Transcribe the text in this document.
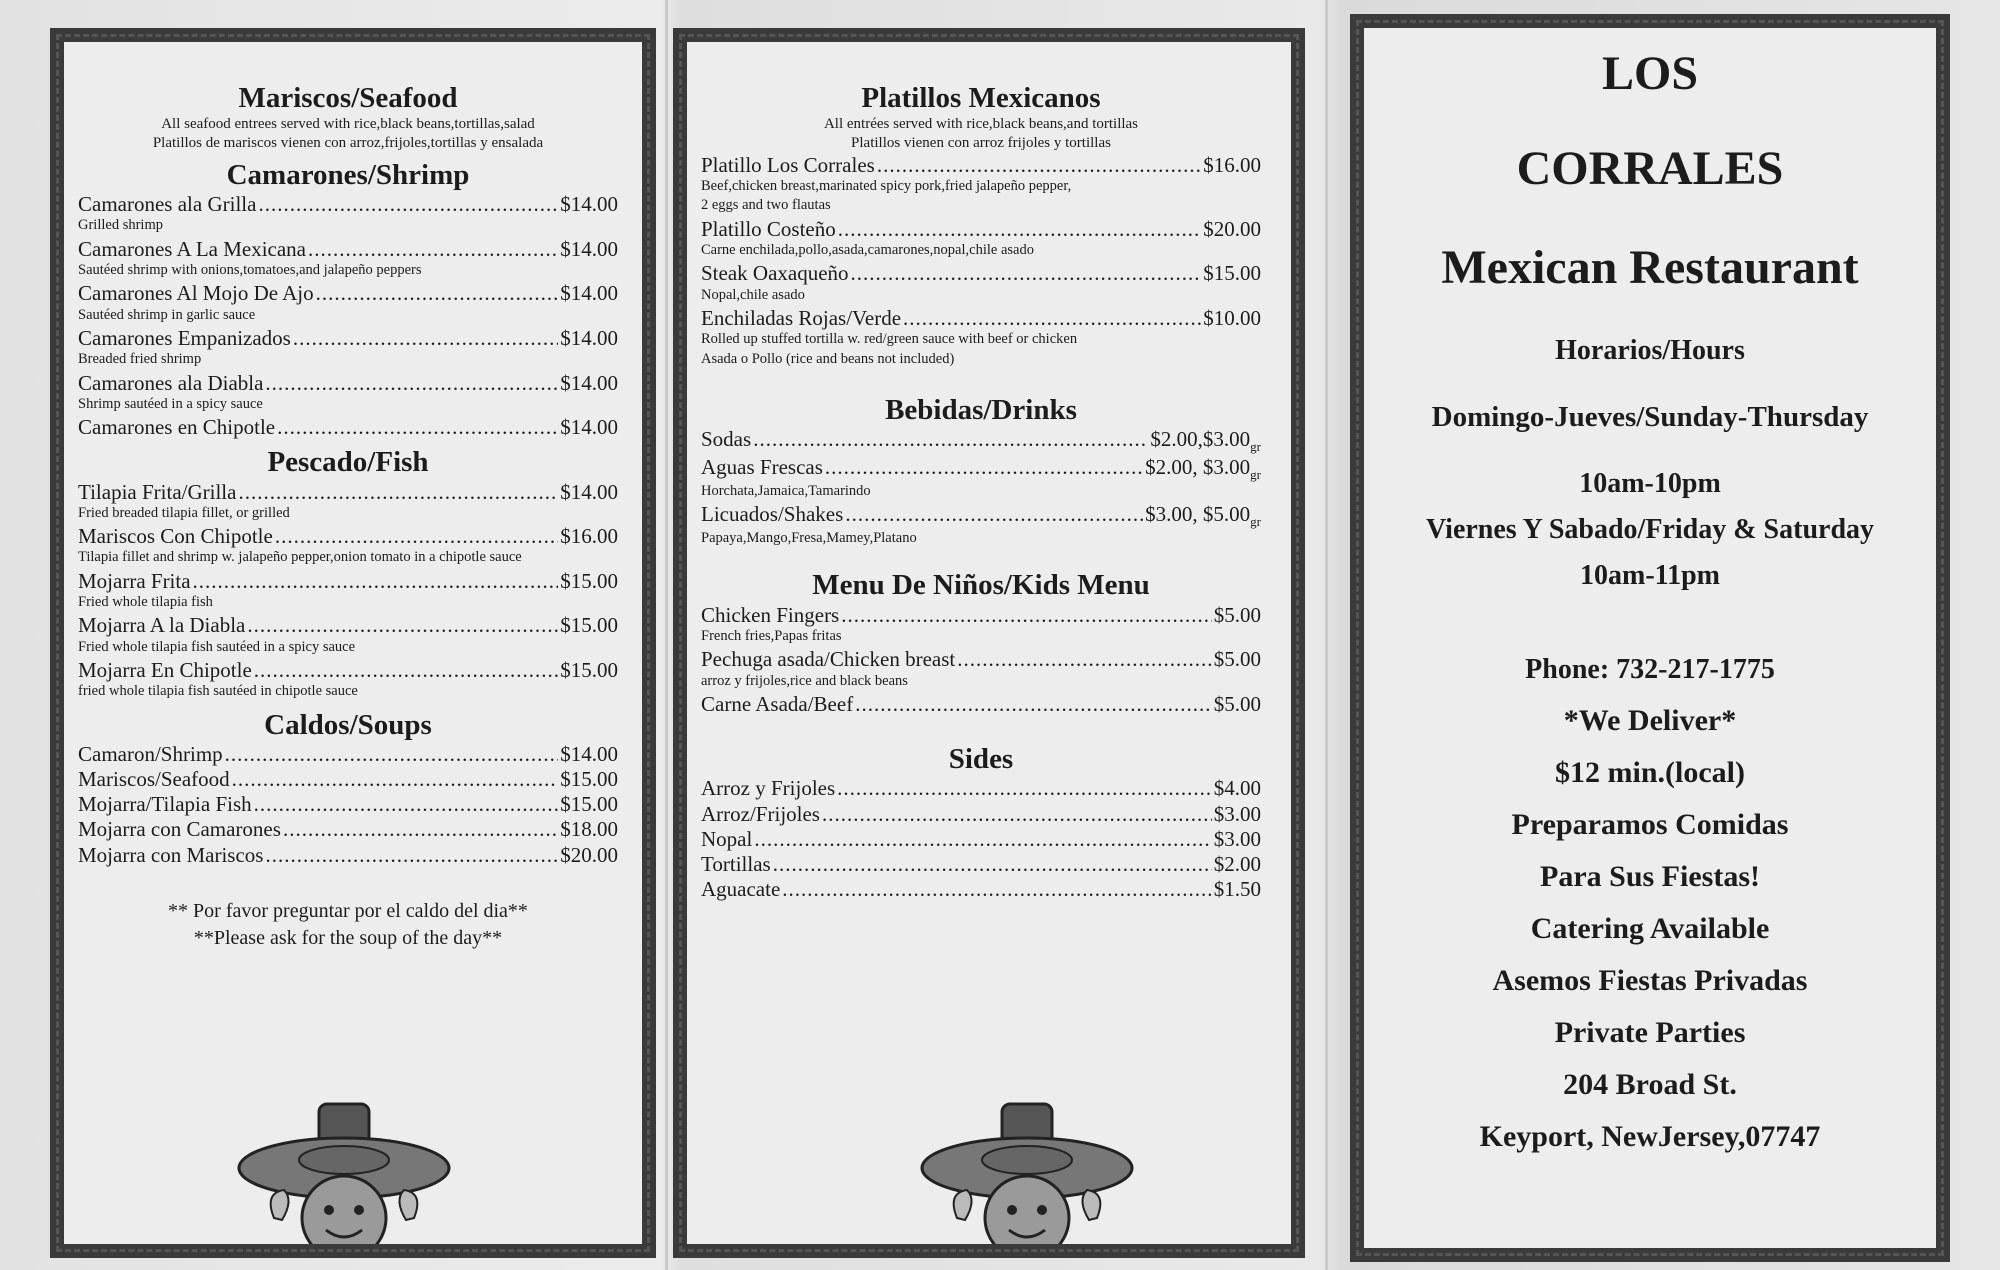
Mariscos/Seafood
All seafood entrees served with rice,black beans,tortillas,salad
Platillos de mariscos vienen con arroz,frijoles,tortillas y ensalada
Camarones/Shrimp
Camarones ala Grilla .....	$14.00
Grilled shrimp
Camarones A La Mexicana .....	$14.00
Sautéed shrimp with onions,tomatoes,and jalapeño peppers
Camarones Al Mojo De Ajo .....	$14.00
Sautéed shrimp in garlic sauce
Camarones Empanizados .....	$14.00
Breaded fried shrimp
Camarones ala Diabla .....	$14.00
Shrimp sautéed in a spicy sauce
Camarones en Chipotle .....	$14.00
Pescado/Fish
Tilapia Frita/Grilla .....	$14.00
Fried breaded tilapia fillet, or grilled
Mariscos Con Chipotle .....	$16.00
Tilapia fillet and shrimp w. jalapeño pepper,onion tomato in a chipotle sauce
Mojarra Frita .....	$15.00
Fried whole tilapia fish
Mojarra A la Diabla .....	$15.00
Fried whole tilapia fish sautéed in a spicy sauce
Mojarra En Chipotle .....	$15.00
fried whole tilapia fish sautéed in chipotle sauce
Caldos/Soups
Camaron/Shrimp .....	$14.00
Mariscos/Seafood .....	$15.00
Mojarra/Tilapia Fish .....	$15.00
Mojarra con Camarones .....	$18.00
Mojarra con Mariscos .....	$20.00
** Por favor preguntar por el caldo del dia**
**Please ask for the soup of the day**
Platillos Mexicanos
All entrées served with rice,black beans,and tortillas
Platillos vienen con arroz frijoles y tortillas
Platillo Los Corrales .....	$16.00
Beef,chicken breast,marinated spicy pork,fried jalapeño pepper,
2 eggs and two flautas
Platillo Costeño .....	$20.00
Carne enchilada,pollo,asada,camarones,nopal,chile asado
Steak Oaxaqueño .....	$15.00
Nopal,chile asado
Enchiladas Rojas/Verde .....	$10.00
Rolled up stuffed tortilla w. red/green sauce with beef or chicken
Asada o Pollo (rice and beans not included)
Bebidas/Drinks
Sodas .....	$\$2.00,\$3.00_{gr}$
Aguas Frescas .....	$2.00, $\$3.00_{gr}$
Horchata,Jamaica,Tamarindo
Licuados/Shakes .....	$3.00, $\$5.00_{gr}$
Papaya,Mango,Fresa,Mamey,Platano
Menu De Niños/Kids Menu
Chicken Fingers .....	$5.00
French fries,Papas fritas
Pechuga asada/Chicken breast .....	$5.00
arroz y frijoles,rice and black beans
Carne Asada/Beef .....	$5.00
Sides
Arroz y Frijoles .....	$4.00
Arroz/Frijoles .....	$3.00
Nopal .....	$3.00
Tortillas .....	$2.00
Aguacate .....	$1.50
LOS
CORRALES
Mexican Restaurant
Horarios/Hours
Domingo-Jueves/Sunday-Thursday
10am-10pm
Viernes Y Sabado/Friday & Saturday
10am-11pm
Phone: 732-217-1775
*We Deliver*
$12 min.(local)
Preparamos Comidas
Para Sus Fiestas!
Catering Available
Asemos Fiestas Privadas
Private Parties
204 Broad St.
Keyport, NewJersey,07747
